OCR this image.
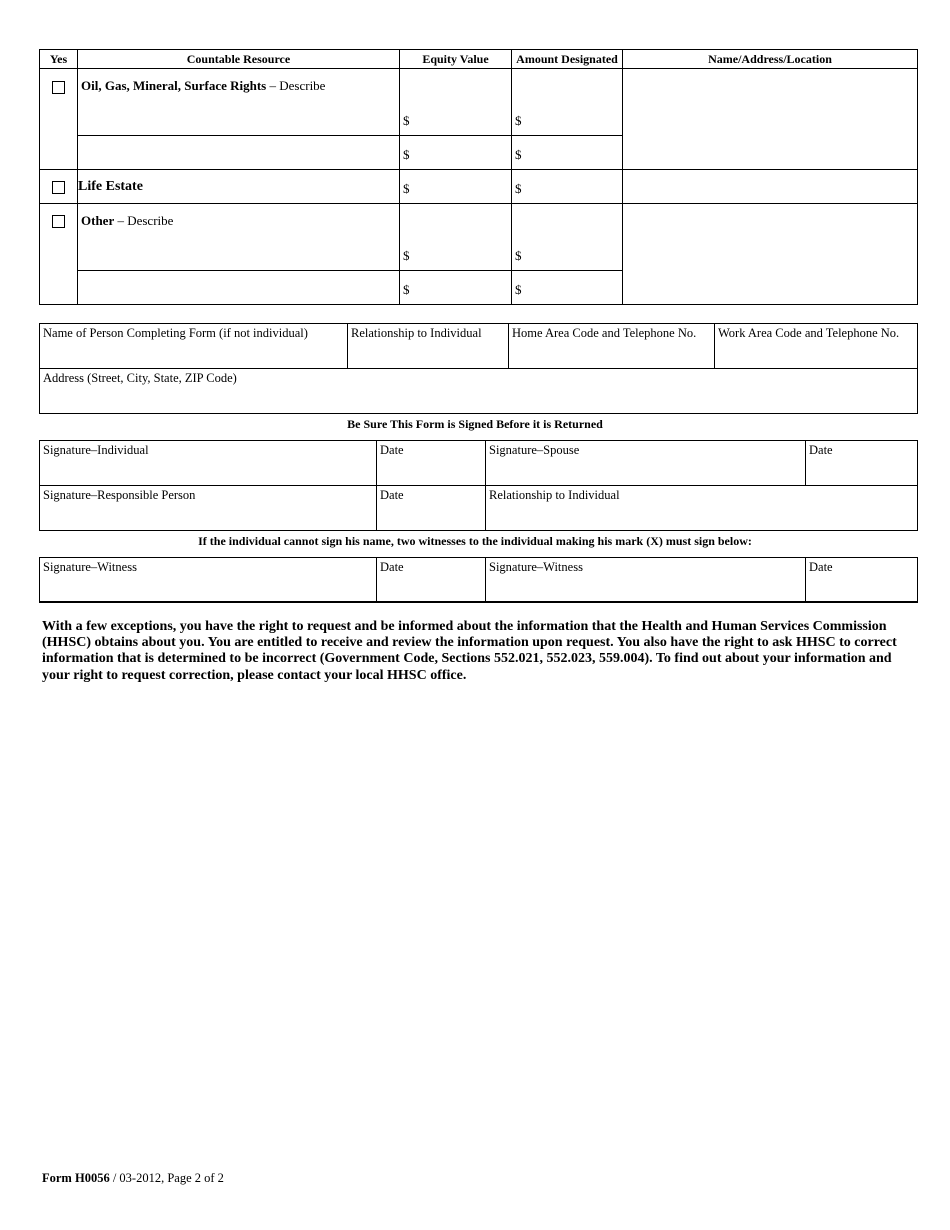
Yes	Countable Resource	Equity Value	Amount Designated	Name/Address/Location

	Oil, Gas, Mineral, Surface Rights – Describe	$	$	

		$	$	

	Life Estate	$	$	

	Other – Describe	$	$	

		$	$	
Name of Person Completing Form (if not individual)	Relationship to Individual	Home Area Code and Telephone No.	Work Area Code and Telephone No.
Address (Street, City, State, ZIP Code)
Be Sure This Form is Signed Before it is Returned
Signature–Individual	Date	Signature–Spouse	Date
Signature–Responsible Person	Date	Relationship to Individual	
If the individual cannot sign his name, two witnesses to the individual making his mark (X) must sign below:
Signature–Witness	Date	Signature–Witness	Date
With a few exceptions, you have the right to request and be informed about the information that the Health and Human Services Commission (HHSC) obtains about you. You are entitled to receive and review the information upon request. You also have the right to ask HHSC to correct information that is determined to be incorrect (Government Code, Sections 552.021, 552.023, 559.004). To find out about your information and your right to request correction, please contact your local HHSC office.
Form H0056 / 03-2012, Page 2 of 2
